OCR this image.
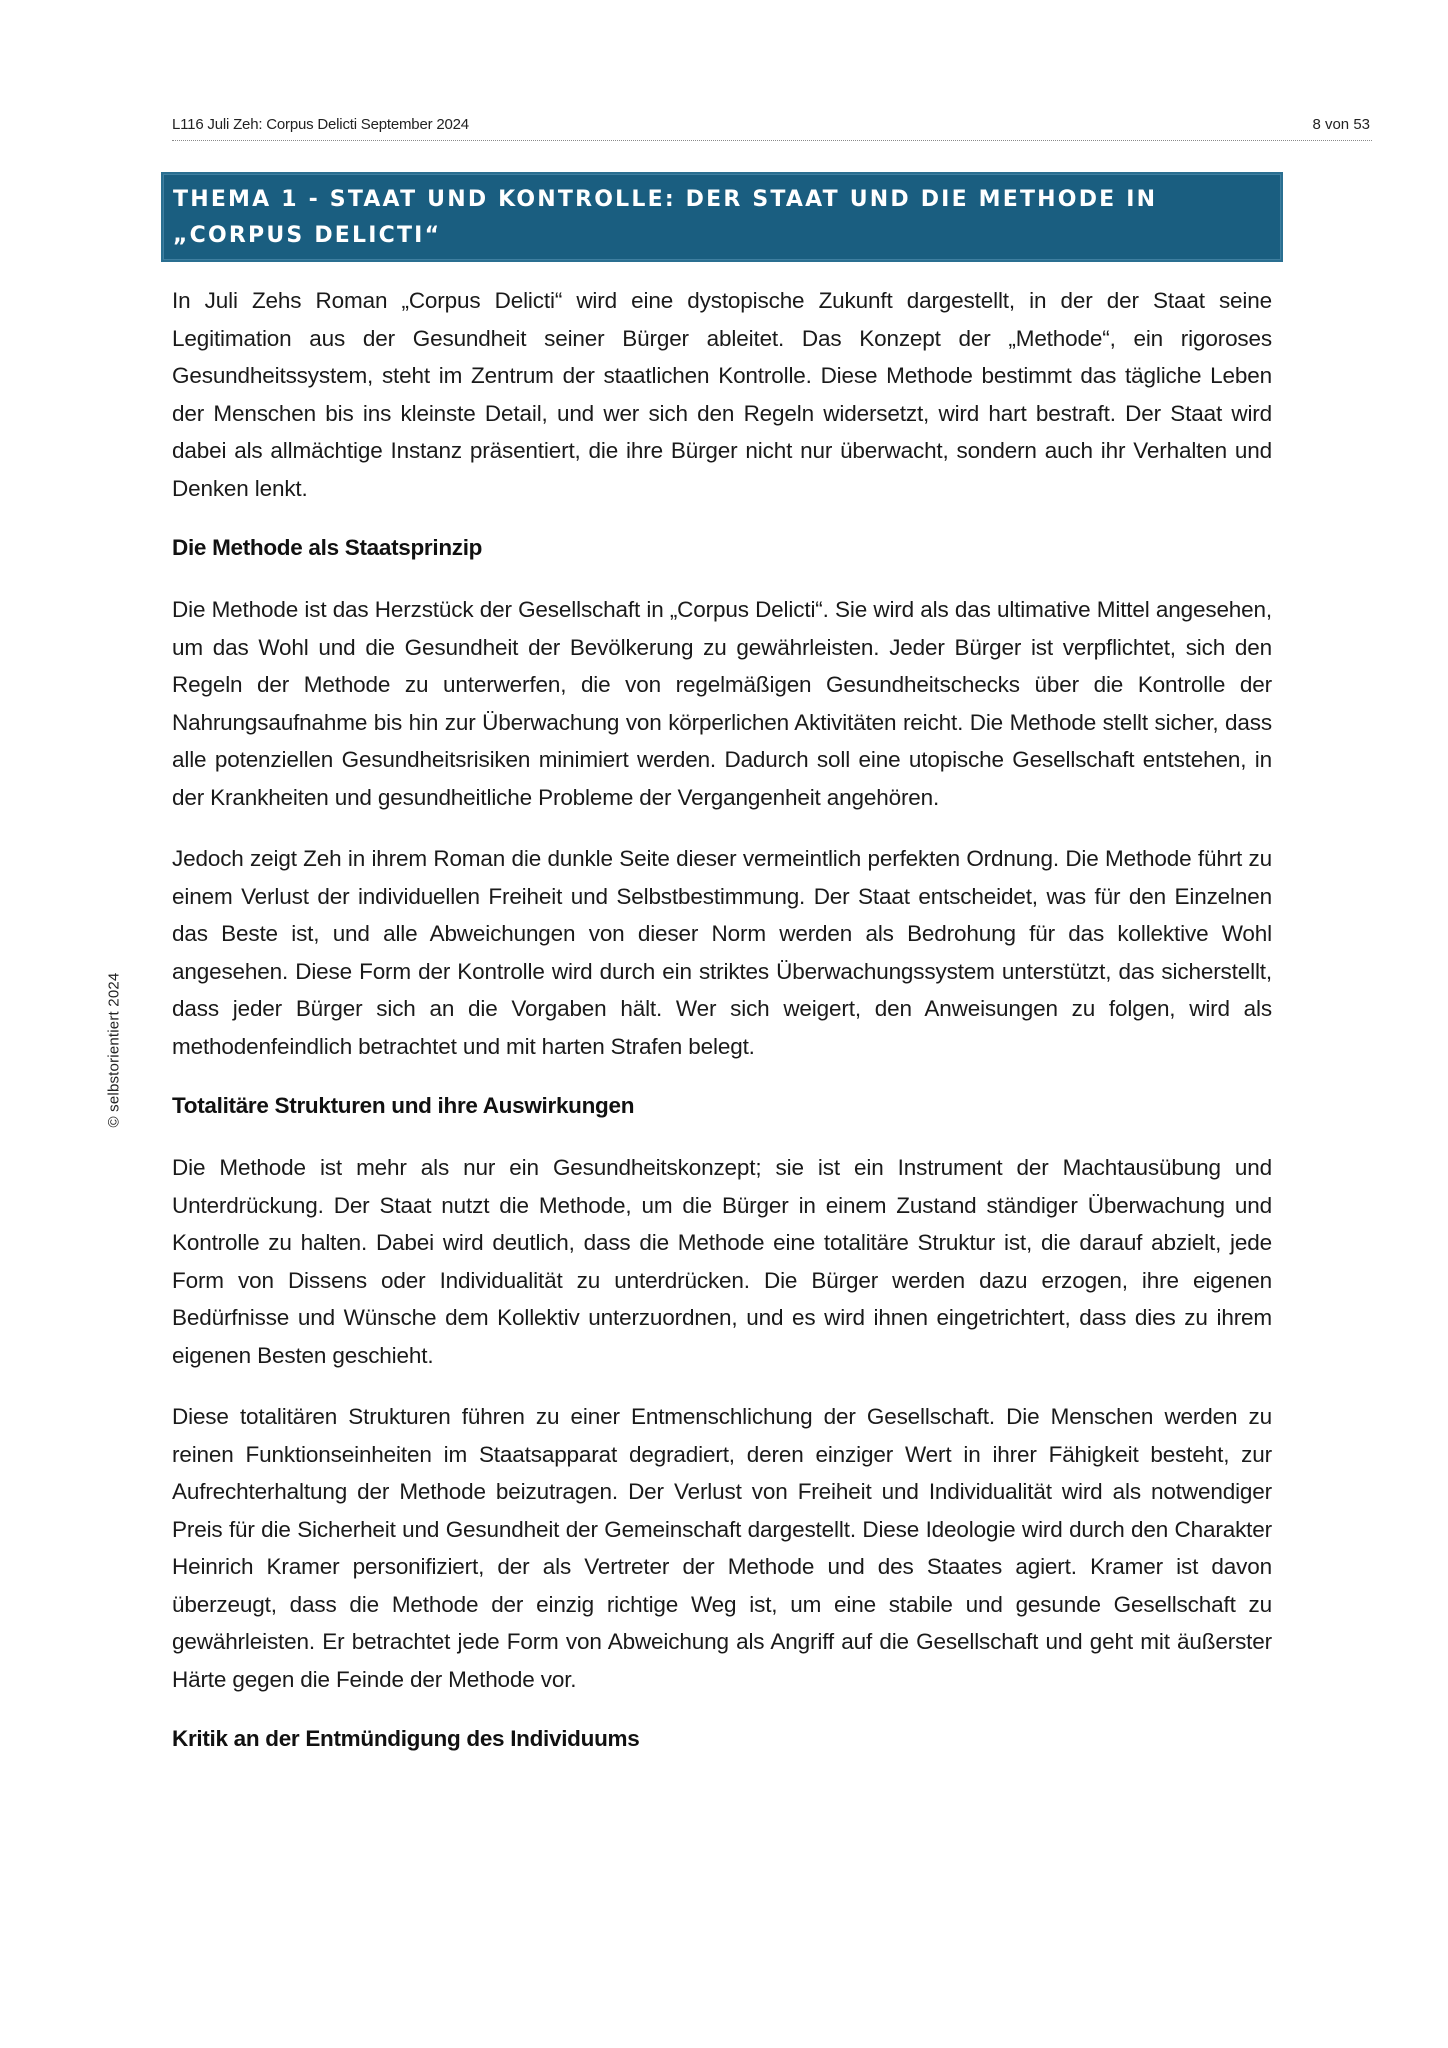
L116 Juli Zeh: Corpus Delicti September 2024	8 von 53
© selbstorientiert 2024
THEMA 1 - STAAT UND KONTROLLE: DER STAAT UND DIE METHODE IN „CORPUS DELICTI“

In Juli Zehs Roman „Corpus Delicti“ wird eine dystopische Zukunft dargestellt, in der der Staat seine Legitimation aus der Gesundheit seiner Bürger ableitet. Das Konzept der „Methode“, ein rigoroses Gesundheitssystem, steht im Zentrum der staatlichen Kontrolle. Diese Methode bestimmt das tägliche Leben der Menschen bis ins kleinste Detail, und wer sich den Regeln widersetzt, wird hart bestraft. Der Staat wird dabei als allmächtige Instanz präsentiert, die ihre Bürger nicht nur überwacht, sondern auch ihr Verhalten und Denken lenkt.

Die Methode als Staatsprinzip

Die Methode ist das Herzstück der Gesellschaft in „Corpus Delicti“. Sie wird als das ultimative Mittel angesehen, um das Wohl und die Gesundheit der Bevölkerung zu gewährleisten. Jeder Bürger ist verpflichtet, sich den Regeln der Methode zu unterwerfen, die von regelmäßigen Gesundheitschecks über die Kontrolle der Nahrungsaufnahme bis hin zur Überwachung von körperlichen Aktivitäten reicht. Die Methode stellt sicher, dass alle potenziellen Gesundheitsrisiken minimiert werden. Dadurch soll eine utopische Gesellschaft entstehen, in der Krankheiten und gesundheitliche Probleme der Vergangenheit angehören.

Jedoch zeigt Zeh in ihrem Roman die dunkle Seite dieser vermeintlich perfekten Ordnung. Die Methode führt zu einem Verlust der individuellen Freiheit und Selbstbestimmung. Der Staat entscheidet, was für den Einzelnen das Beste ist, und alle Abweichungen von dieser Norm werden als Bedrohung für das kollektive Wohl angesehen. Diese Form der Kontrolle wird durch ein striktes Überwachungssystem unterstützt, das sicherstellt, dass jeder Bürger sich an die Vorgaben hält. Wer sich weigert, den Anweisungen zu folgen, wird als methodenfeindlich betrachtet und mit harten Strafen belegt.

Totalitäre Strukturen und ihre Auswirkungen

Die Methode ist mehr als nur ein Gesundheitskonzept; sie ist ein Instrument der Machtausübung und Unterdrückung. Der Staat nutzt die Methode, um die Bürger in einem Zustand ständiger Überwachung und Kontrolle zu halten. Dabei wird deutlich, dass die Methode eine totalitäre Struktur ist, die darauf abzielt, jede Form von Dissens oder Individualität zu unterdrücken. Die Bürger werden dazu erzogen, ihre eigenen Bedürfnisse und Wünsche dem Kollektiv unterzuordnen, und es wird ihnen eingetrichtert, dass dies zu ihrem eigenen Besten geschieht.

Diese totalitären Strukturen führen zu einer Entmenschlichung der Gesellschaft. Die Menschen werden zu reinen Funktionseinheiten im Staatsapparat degradiert, deren einziger Wert in ihrer Fähigkeit besteht, zur Aufrechterhaltung der Methode beizutragen. Der Verlust von Freiheit und Individualität wird als notwendiger Preis für die Sicherheit und Gesundheit der Gemeinschaft dargestellt. Diese Ideologie wird durch den Charakter Heinrich Kramer personifiziert, der als Vertreter der Methode und des Staates agiert. Kramer ist davon überzeugt, dass die Methode der einzig richtige Weg ist, um eine stabile und gesunde Gesellschaft zu gewährleisten. Er betrachtet jede Form von Abweichung als Angriff auf die Gesellschaft und geht mit äußerster Härte gegen die Feinde der Methode vor.

Kritik an der Entmündigung des Individuums
